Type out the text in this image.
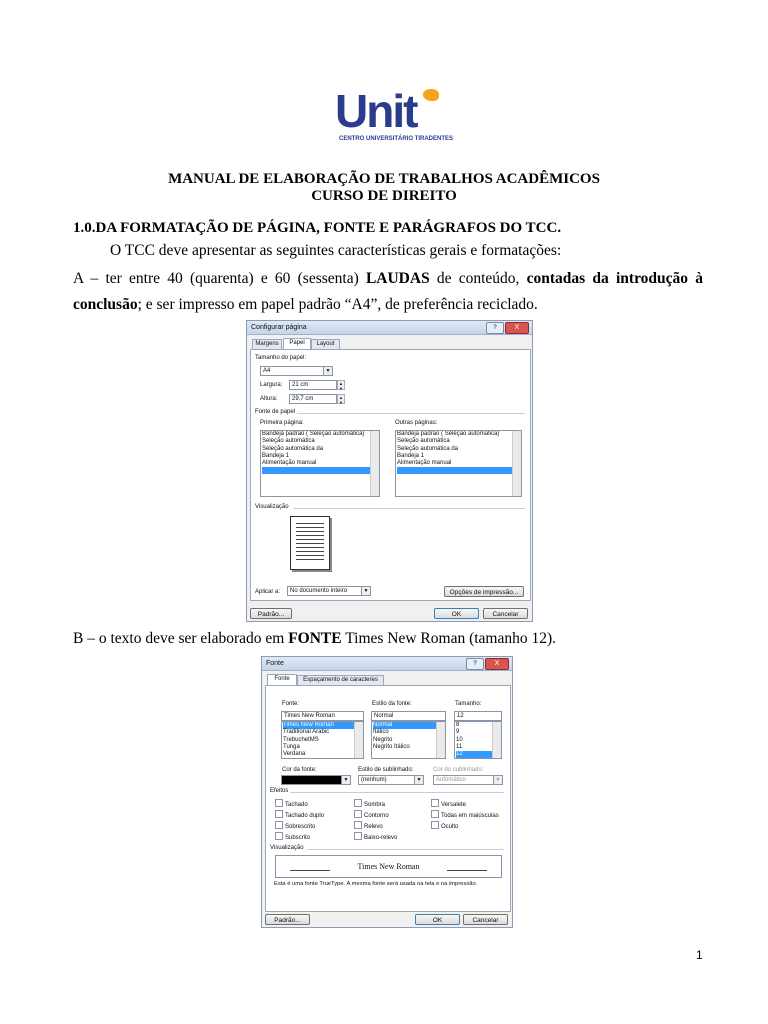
Unit
CENTRO UNIVERSITÁRIO TIRADENTES
MANUAL DE ELABORAÇÃO DE TRABALHOS ACADÊMICOS
CURSO DE DIREITO
1.0.DA FORMATAÇÃO DE PÁGINA, FONTE E PARÁGRAFOS DO TCC.
O TCC deve apresentar as seguintes características gerais e formatações:
A – ter entre 40 (quarenta) e 60 (sessenta) LAUDAS de conteúdo, contadas da introdução à conclusão; e ser impresso em papel padrão “A4”, de preferência reciclado.
Configurar página	?	X
Margens	Papel	Layout
Tamanho do papel:
A4	▼
Largura:	21 cm	▲
▼
Altura:	29,7 cm	▲
▼
Fonte de papel
Primeira página:
Bandeja padrão ( Seleção automática)
Seleção automática
Seleção automática da
Bandeja 1
Alimentação manual
Outras páginas:
Bandeja padrão ( Seleção automática)
Seleção automática
Seleção automática da
Bandeja 1
Alimentação manual
Visualização
Aplicar a:	No documento inteiro	▼	Opções de impressão...
Padrão...	OK	Cancelar
B – o texto deve ser elaborado em FONTE Times New Roman (tamanho 12).
Fonte	?	X
Fonte	Espaçamento de caracteres
Fonte:
Times New Roman
Times New Roman
Traditional Arabic
TrebuchetMS
Tunga
Verdana
Estilo da fonte:
Normal
Normal
Itálico
Negrito
Negrito Itálico
Tamanho:
12
8
9
10
11
12
Cor da fonte:
▼
Estilo de sublinhado:
(nenhum)	▼
Cor do sublinhado:
Automático	▼
Efeitos
Tachado
Tachado duplo
Sobrescrito
Subscrito
Sombra
Contorno
Relevo
Baixo-relevo
Versalete
Todas em maiúsculas
Oculto
Visualização
Times New Roman
Esta é uma fonte TrueType. A mesma fonte será usada na tela e na impressão.
Padrão...	OK	Cancelar
1
